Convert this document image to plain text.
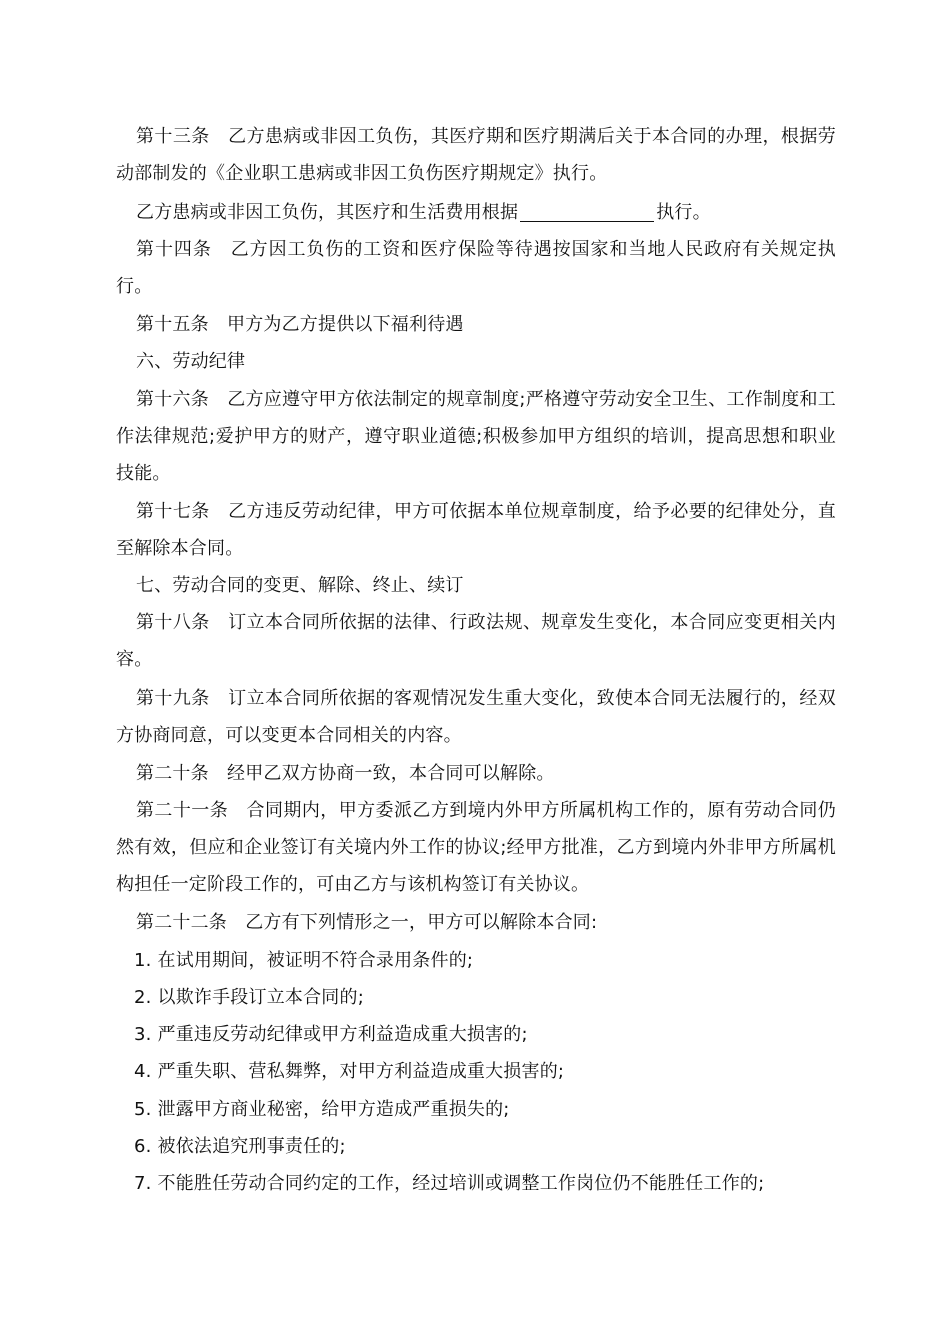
第十三条　乙方患病或非因工负伤，其医疗期和医疗期满后关于本合同的办理，根据劳动部制发的《企业职工患病或非因工负伤医疗期规定》执行。

乙方患病或非因工负伤，其医疗和生活费用根据	执行。

第十四条　乙方因工负伤的工资和医疗保险等待遇按国家和当地人民政府有关规定执行。

第十五条　甲方为乙方提供以下福利待遇

六、劳动纪律

第十六条　乙方应遵守甲方依法制定的规章制度;严格遵守劳动安全卫生、工作制度和工作法律规范;爱护甲方的财产，遵守职业道德;积极参加甲方组织的培训，提高思想和职业技能。

第十七条　乙方违反劳动纪律，甲方可依据本单位规章制度，给予必要的纪律处分，直至解除本合同。

七、劳动合同的变更、解除、终止、续订

第十八条　订立本合同所依据的法律、行政法规、规章发生变化，本合同应变更相关内容。

第十九条　订立本合同所依据的客观情况发生重大变化，致使本合同无法履行的，经双方协商同意，可以变更本合同相关的内容。

第二十条　经甲乙双方协商一致，本合同可以解除。

第二十一条　合同期内，甲方委派乙方到境内外甲方所属机构工作的，原有劳动合同仍然有效，但应和企业签订有关境内外工作的协议;经甲方批准，乙方到境内外非甲方所属机构担任一定阶段工作的，可由乙方与该机构签订有关协议。

第二十二条　乙方有下列情形之一，甲方可以解除本合同:

1. 在试用期间，被证明不符合录用条件的;

2. 以欺诈手段订立本合同的;

3. 严重违反劳动纪律或甲方利益造成重大损害的;

4. 严重失职、营私舞弊，对甲方利益造成重大损害的;

5. 泄露甲方商业秘密，给甲方造成严重损失的;

6. 被依法追究刑事责任的;

7. 不能胜任劳动合同约定的工作，经过培训或调整工作岗位仍不能胜任工作的;
